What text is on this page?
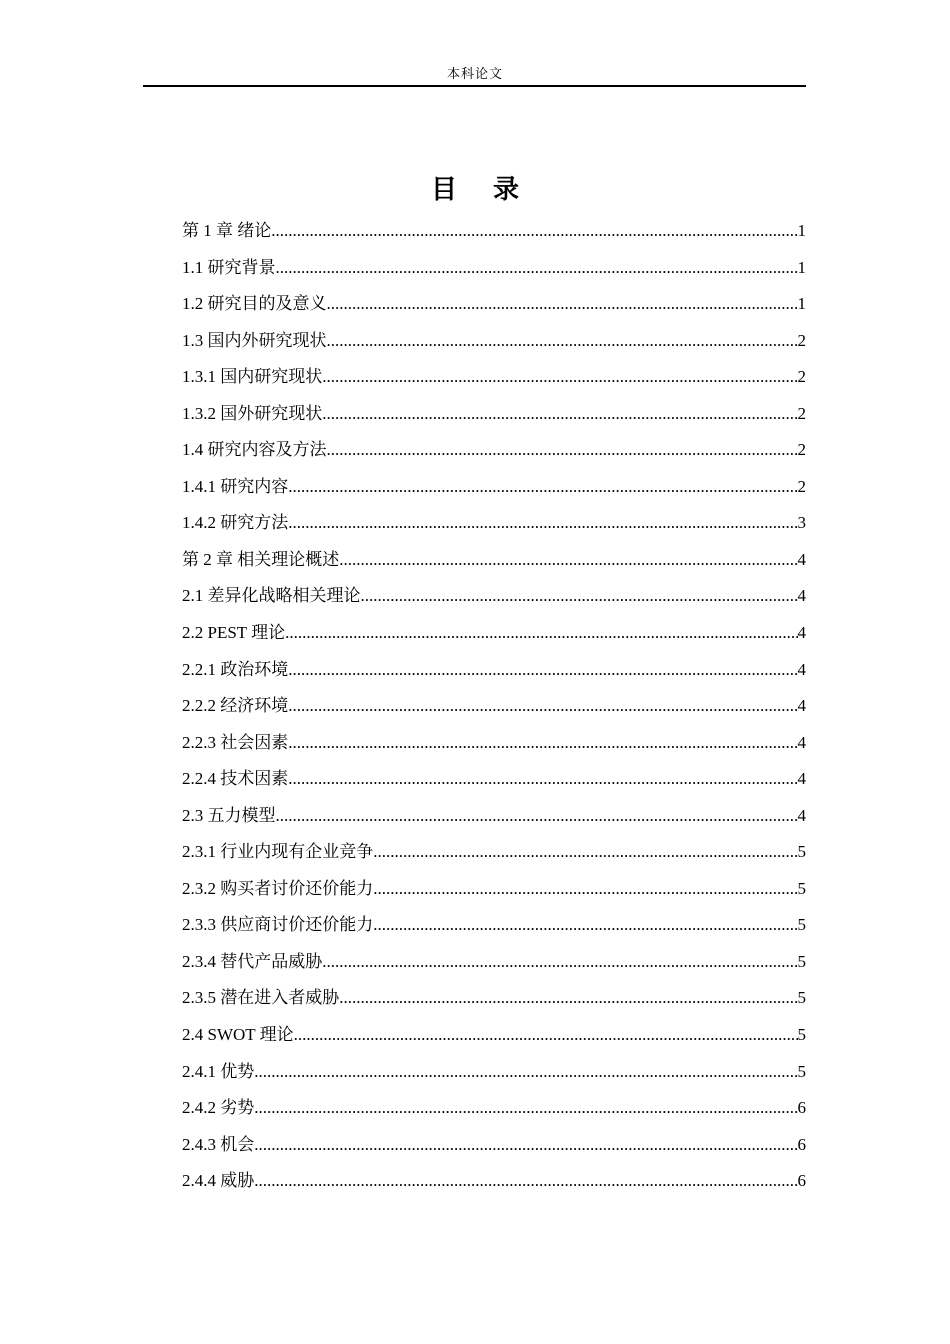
本科论文
目录
第 1 章 绪论 .....	1
1.1 研究背景 .....	1
1.2 研究目的及意义 .....	1
1.3 国内外研究现状 .....	2
1.3.1 国内研究现状 .....	2
1.3.2 国外研究现状 .....	2
1.4 研究内容及方法 .....	2
1.4.1 研究内容 .....	2
1.4.2 研究方法 .....	3
第 2 章 相关理论概述 .....	4
2.1 差异化战略相关理论 .....	4
2.2 PEST 理论 .....	4
2.2.1 政治环境 .....	4
2.2.2 经济环境 .....	4
2.2.3 社会因素 .....	4
2.2.4 技术因素 .....	4
2.3 五力模型 .....	4
2.3.1 行业内现有企业竞争 .....	5
2.3.2 购买者讨价还价能力 .....	5
2.3.3 供应商讨价还价能力 .....	5
2.3.4 替代产品威胁 .....	5
2.3.5 潜在进入者威胁 .....	5
2.4 SWOT 理论 .....	5
2.4.1 优势 .....	5
2.4.2 劣势 .....	6
2.4.3 机会 .....	6
2.4.4 威胁 .....	6
